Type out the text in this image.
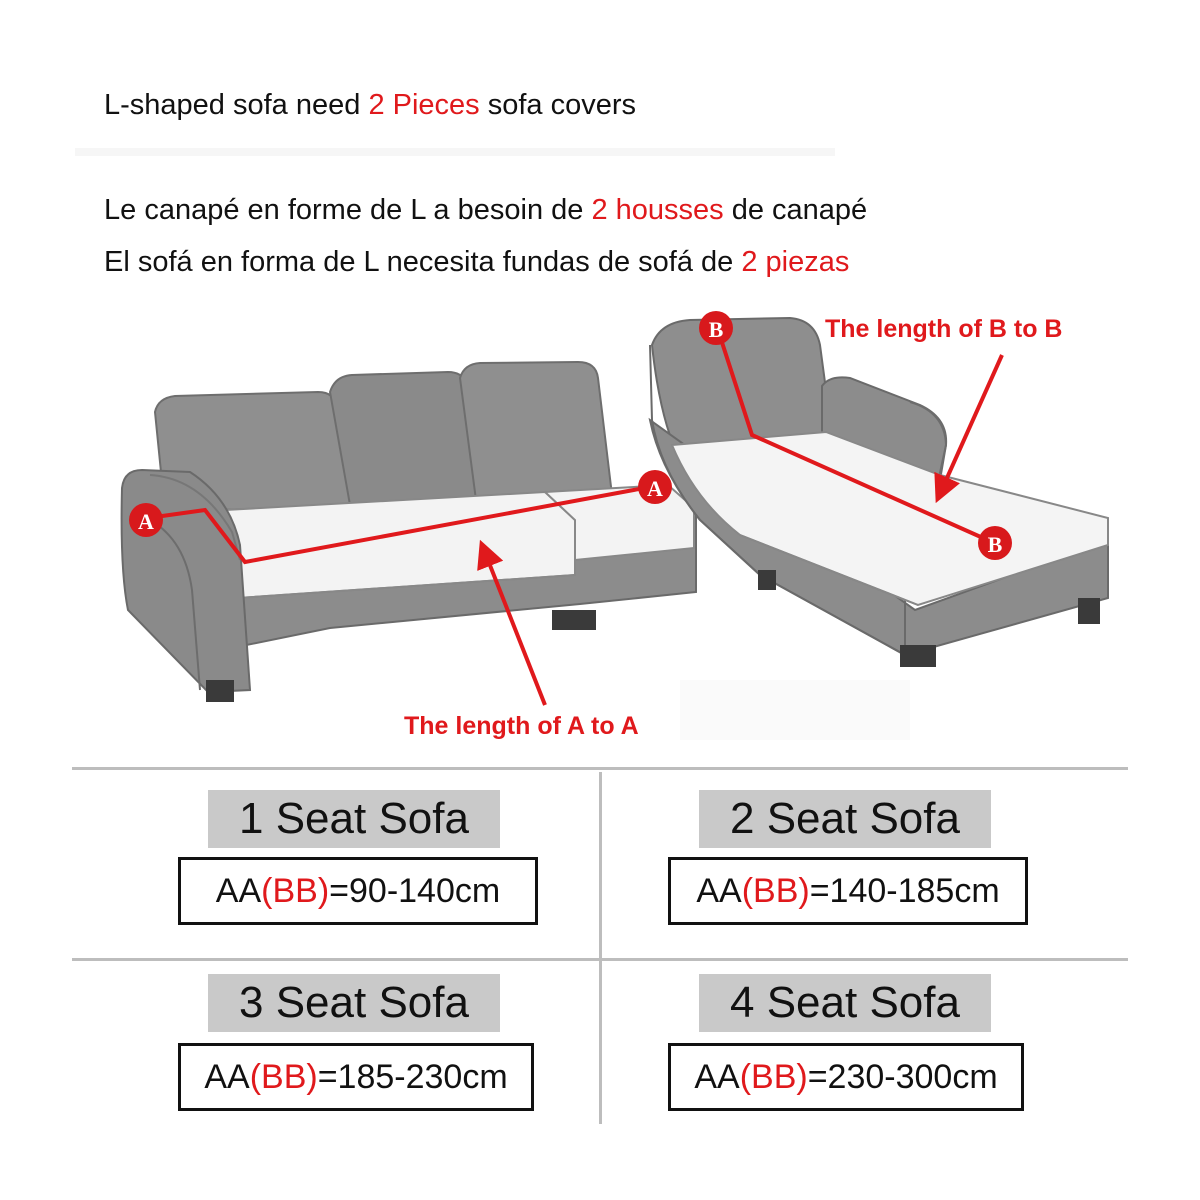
L-shaped sofa need 2 Pieces sofa covers

Le canapé en forme de L a besoin de 2 housses de canapé

El sofá en forma de L necesita fundas de sofá de 2 piezas

A
A
B
B
The length of B to B
The length of A to A
1 Seat Sofa
AA (BB) =90-140cm
2 Seat Sofa
AA (BB) =140-185cm
3 Seat Sofa
AA (BB) =185-230cm
4 Seat Sofa
AA (BB) =230-300cm
